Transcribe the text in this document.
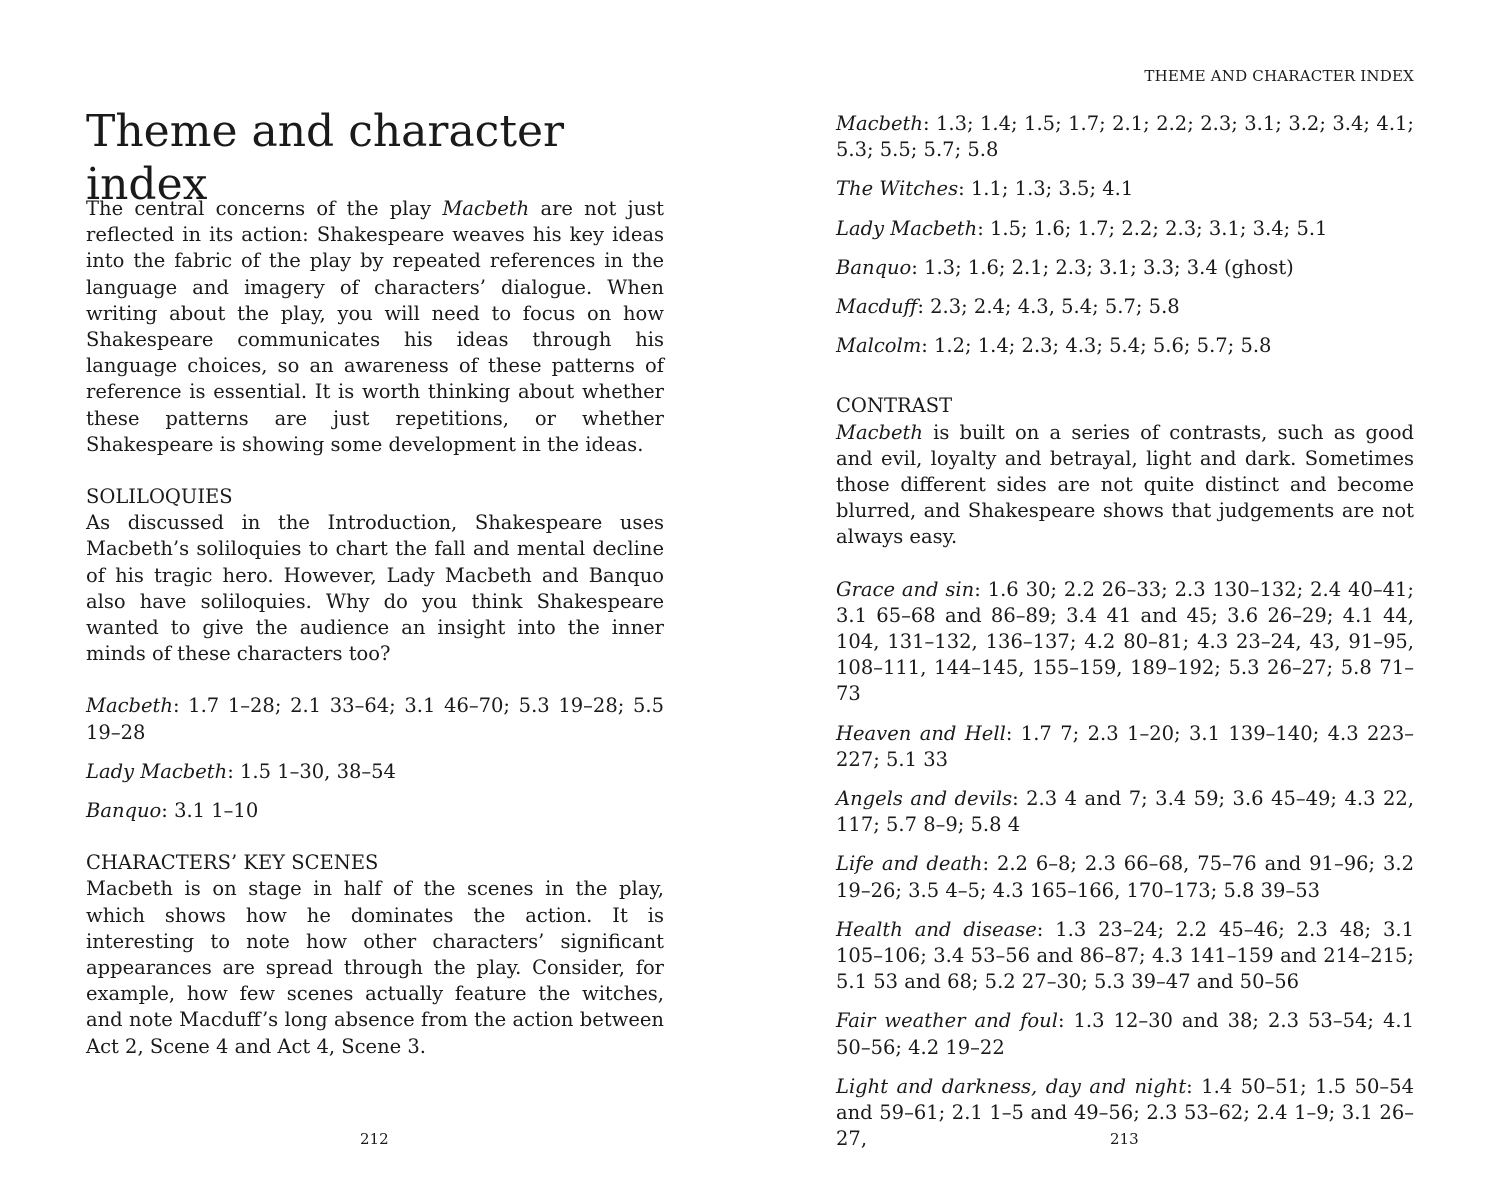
Theme and character index

The central concerns of the play Macbeth are not just reflected in its action: Shakespeare weaves his key ideas into the fabric of the play by repeated references in the language and imagery of characters’ dialogue. When writing about the play, you will need to focus on how Shakespeare communicates his ideas through his language choices, so an awareness of these patterns of reference is essential. It is worth thinking about whether these patterns are just repetitions, or whether Shakespeare is showing some development in the ideas.

SOLILOQUIES

As discussed in the Introduction, Shakespeare uses Macbeth’s soliloquies to chart the fall and mental decline of his tragic hero. However, Lady Macbeth and Banquo also have soliloquies. Why do you think Shakespeare wanted to give the audience an insight into the inner minds of these characters too?

Macbeth: 1.7 1–28; 2.1 33–64; 3.1 46–70; 5.3 19–28; 5.5 19–28

Lady Macbeth: 1.5 1–30, 38–54

Banquo: 3.1 1–10

CHARACTERS’ KEY SCENES

Macbeth is on stage in half of the scenes in the play, which shows how he dominates the action. It is interesting to note how other characters’ significant appearances are spread through the play. Consider, for example, how few scenes actually feature the witches, and note Macduff’s long absence from the action between Act 2, Scene 4 and Act 4, Scene 3.

212

THEME AND CHARACTER INDEX

Macbeth: 1.3; 1.4; 1.5; 1.7; 2.1; 2.2; 2.3; 3.1; 3.2; 3.4; 4.1; 5.3; 5.5; 5.7; 5.8

The Witches: 1.1; 1.3; 3.5; 4.1

Lady Macbeth: 1.5; 1.6; 1.7; 2.2; 2.3; 3.1; 3.4; 5.1

Banquo: 1.3; 1.6; 2.1; 2.3; 3.1; 3.3; 3.4 (ghost)

Macduff: 2.3; 2.4; 4.3, 5.4; 5.7; 5.8

Malcolm: 1.2; 1.4; 2.3; 4.3; 5.4; 5.6; 5.7; 5.8

CONTRAST

Macbeth is built on a series of contrasts, such as good and evil, loyalty and betrayal, light and dark. Sometimes those different sides are not quite distinct and become blurred, and Shakespeare shows that judgements are not always easy.

Grace and sin: 1.6 30; 2.2 26–33; 2.3 130–132; 2.4 40–41; 3.1 65–68 and 86–89; 3.4 41 and 45; 3.6 26–29; 4.1 44, 104, 131–132, 136–137; 4.2 80–81; 4.3 23–24, 43, 91–95, 108–111, 144–145, 155–159, 189–192; 5.3 26–27; 5.8 71–73

Heaven and Hell: 1.7 7; 2.3 1–20; 3.1 139–140; 4.3 223–227; 5.1 33

Angels and devils: 2.3 4 and 7; 3.4 59; 3.6 45–49; 4.3 22, 117; 5.7 8–9; 5.8 4

Life and death: 2.2 6–8; 2.3 66–68, 75–76 and 91–96; 3.2 19–26; 3.5 4–5; 4.3 165–166, 170–173; 5.8 39–53

Health and disease: 1.3 23–24; 2.2 45–46; 2.3 48; 3.1 105–106; 3.4 53–56 and 86–87; 4.3 141–159 and 214–215; 5.1 53 and 68; 5.2 27–30; 5.3 39–47 and 50–56

Fair weather and foul: 1.3 12–30 and 38; 2.3 53–54; 4.1 50–56; 4.2 19–22

Light and darkness, day and night: 1.4 50–51; 1.5 50–54 and 59–61; 2.1 1–5 and 49–56; 2.3 53–62; 2.4 1–9; 3.1 26–27,	213
